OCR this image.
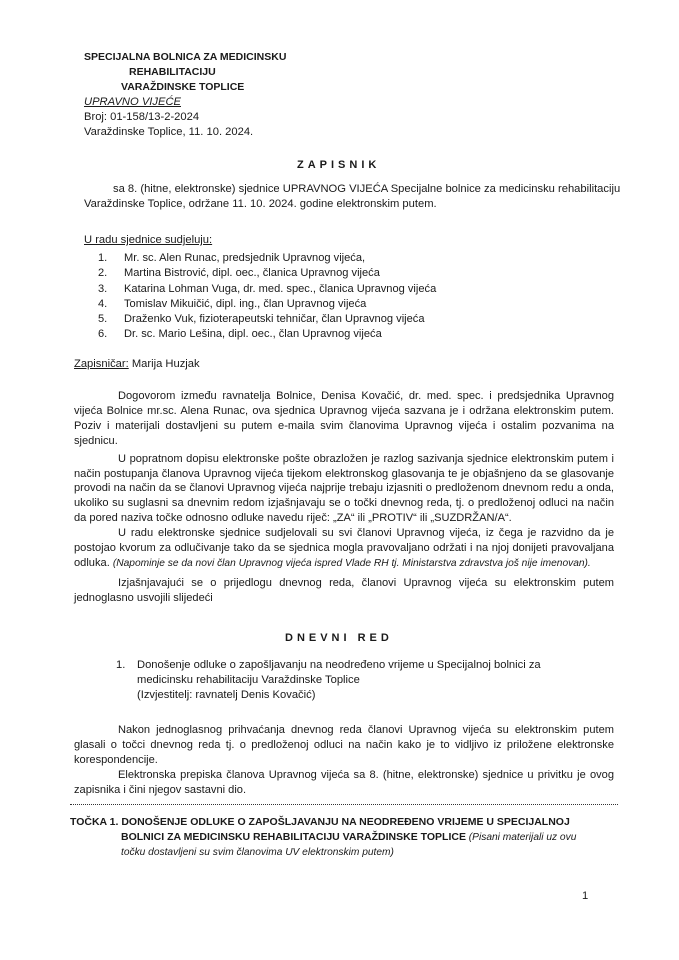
SPECIJALNA BOLNICA ZA MEDICINSKU
REHABILITACIJU
VARAŽDINSKE TOPLICE
UPRAVNO VIJEĆE
Broj: 01-158/13-2-2024
Varaždinske Toplice, 11. 10. 2024.
ZAPISNIK
sa 8. (hitne, elektronske) sjednice UPRAVNOG VIJEĆA Specijalne bolnice za medicinsku rehabilitaciju
Varaždinske Toplice, održane 11. 10. 2024. godine elektronskim putem.
U radu sjednice sudjeluju:
1.	Mr. sc. Alen Runac, predsjednik Upravnog vijeća,
2.	Martina Bistrović, dipl. oec., članica Upravnog vijeća
3.	Katarina Lohman Vuga, dr. med. spec., članica Upravnog vijeća
4.	Tomislav Mikuičić, dipl. ing., član Upravnog vijeća
5.	Draženko Vuk, fizioterapeutski tehničar, član Upravnog vijeća
6.	Dr. sc. Mario Lešina, dipl. oec., član Upravnog vijeća
Zapisničar: Marija Huzjak

Dogovorom između ravnatelja Bolnice, Denisa Kovačić, dr. med. spec. i predsjednika Upravnog vijeća Bolnice mr.sc. Alena Runac, ova sjednica Upravnog vijeća sazvana je i održana elektronskim putem. Poziv i materijali dostavljeni su putem e-maila svim članovima Upravnog vijeća i ostalim pozvanima na sjednicu.

U popratnom dopisu elektronske pošte obrazložen je razlog sazivanja sjednice elektronskim putem i način postupanja članova Upravnog vijeća tijekom elektronskog glasovanja te je objašnjeno da se glasovanje provodi na način da se članovi Upravnog vijeća najprije trebaju izjasniti o predloženom dnevnom redu a onda, ukoliko su suglasni sa dnevnim redom izjašnjavaju se o točki dnevnog reda, tj. o predloženoj odluci na način da pored naziva točke odnosno odluke navedu riječ: „ZA“ ili „PROTIV“ ili „SUZDRŽAN/A“.

U radu elektronske sjednice sudjelovali su svi članovi Upravnog vijeća, iz čega je razvidno da je postojao kvorum za odlučivanje tako da se sjednica mogla pravovaljano održati i na njoj donijeti pravovaljana odluka. (Napominje se da novi član Upravnog vijeća ispred Vlade RH tj. Ministarstva zdravstva još nije imenovan).

Izjašnjavajući se o prijedlogu dnevnog reda, članovi Upravnog vijeća su elektronskim putem jednoglasno usvojili slijedeći

DNEVNI RED
1. Donošenje odluke o zapošljavanju na neodređeno vrijeme u Specijalnoj bolnici za
medicinsku rehabilitaciju Varaždinske Toplice
(Izvjestitelj: ravnatelj Denis Kovačić)

Nakon jednoglasnog prihvaćanja dnevnog reda članovi Upravnog vijeća su elektronskim putem glasali o točci dnevnog reda tj. o predloženoj odluci na način kako je to vidljivo iz priložene elektronske korespondencije.

Elektronska prepiska članova Upravnog vijeća sa 8. (hitne, elektronske) sjednice u privitku je ovog zapisnika i čini njegov sastavni dio.

TOČKA 1. DONOŠENJE ODLUKE O ZAPOŠLJAVANJU NA NEODREĐENO VRIJEME U SPECIJALNOJ
BOLNICI ZA MEDICINSKU REHABILITACIJU VARAŽDINSKE TOPLICE (Pisani materijali uz ovu
točku dostavljeni su svim članovima UV elektronskim putem)
1
